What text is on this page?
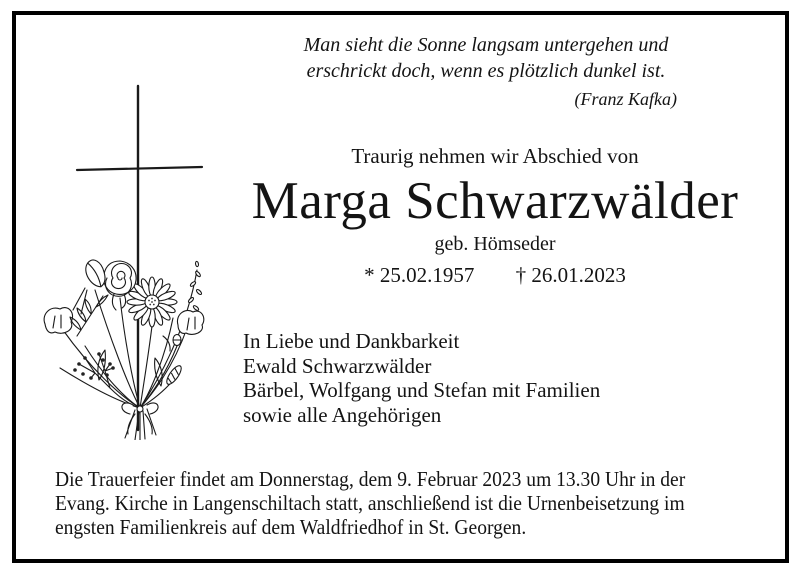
Man sieht die Sonne langsam untergehen und
erschrickt doch, wenn es plötzlich dunkel ist.
(Franz Kafka)
Traurig nehmen wir Abschied von
Marga Schwarzwälder
geb. Hömseder
* 25.02.1957 † 26.01.2023
In Liebe und Dankbarkeit
Ewald Schwarzwälder
Bärbel, Wolfgang und Stefan mit Familien
sowie alle Angehörigen
Die Trauerfeier findet am Donnerstag, dem 9. Februar 2023 um 13.30 Uhr in der
Evang. Kirche in Langenschiltach statt, anschließend ist die Urnenbeisetzung im
engsten Familienkreis auf dem Waldfriedhof in St. Georgen.
